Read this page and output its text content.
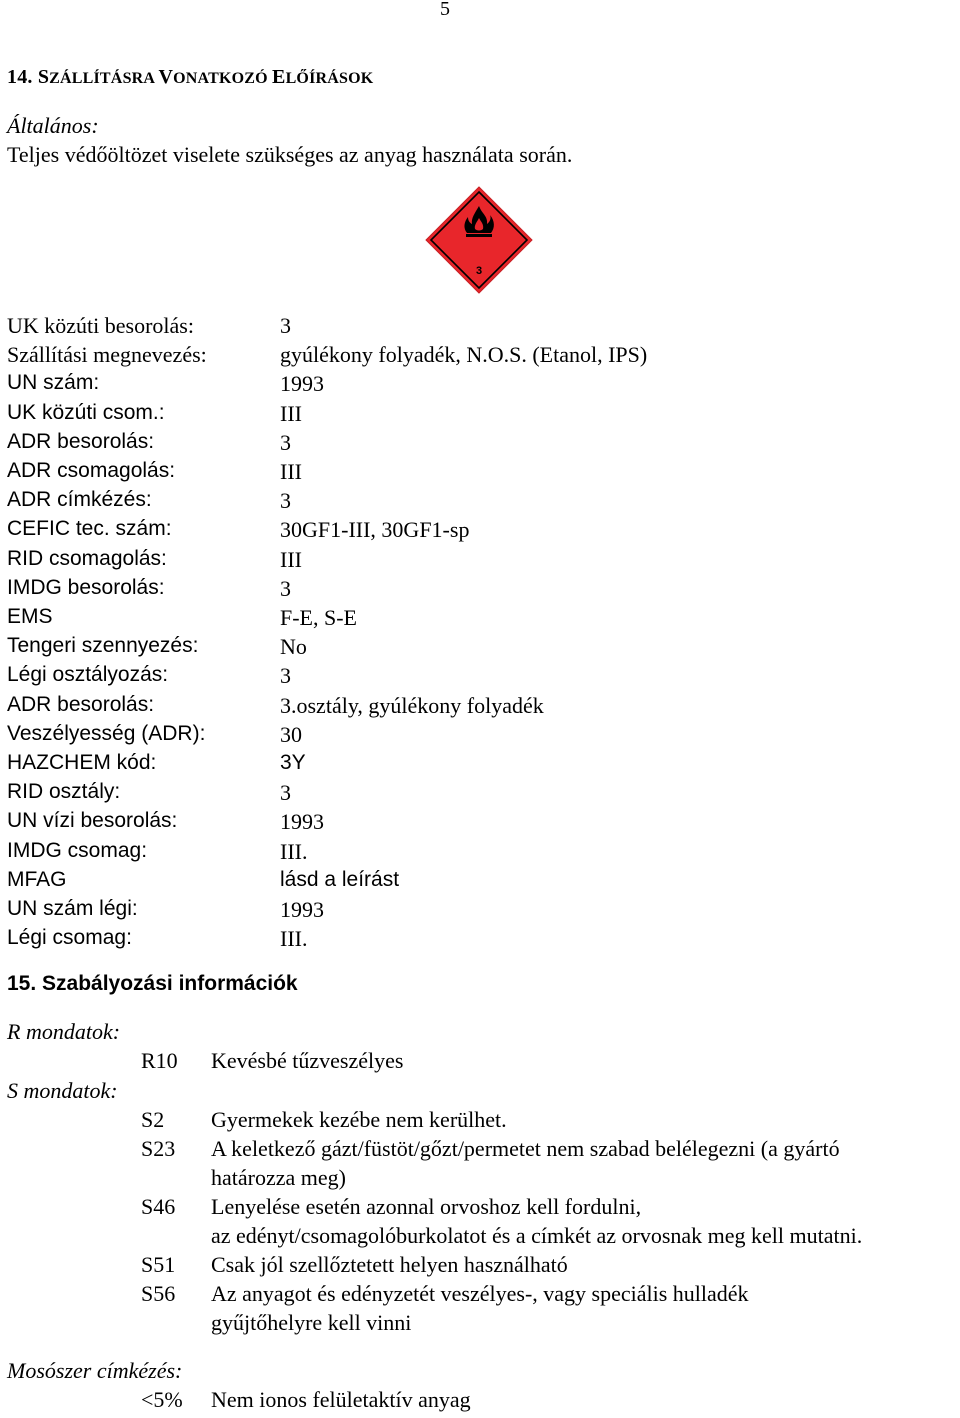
5
14. SZÁLLÍTÁSRA VONATKOZÓ ELŐÍRÁSOK
Általános:
Teljes védőöltözet viselete szükséges az anyag használata során.
3
UK közúti besorolás:	3
Szállítási megnevezés:	gyúlékony folyadék, N.O.S. (Etanol, IPS)
UN szám:	1993
UK közúti csom.:	III
ADR besorolás:	3
ADR csomagolás:	III
ADR címkézés:	3
CEFIC tec. szám:	30GF1-III, 30GF1-sp
RID csomagolás:	III
IMDG besorolás:	3
EMS	F-E, S-E
Tengeri szennyezés:	No
Légi osztályozás:	3
ADR besorolás:	3.osztály, gyúlékony folyadék
Veszélyesség (ADR):	30
HAZCHEM kód:	3Y
RID osztály:	3
UN vízi besorolás:	1993
IMDG csomag:	III.
MFAG	lásd a leírást
UN szám légi:	1993
Légi csomag:	III.
15. Szabályozási információk
R mondatok:
S mondatok:
R10 Kevésbé tűzveszélyes
S2 Gyermekek kezébe nem kerülhet.
S23 A keletkező gázt/füstöt/gőzt/permetet nem szabad belélegezni (a gyártó
határozza meg)
S46 Lenyelése esetén azonnal orvoshoz kell fordulni,
az edényt/csomagolóburkolatot és a címkét az orvosnak meg kell mutatni.
S51 Csak jól szellőztetett helyen használható
S56 Az anyagot és edényzetét veszélyes-, vagy speciális hulladék
gyűjtőhelyre kell vinni
Mosószer címkézés:
<5% Nem ionos felületaktív anyag
